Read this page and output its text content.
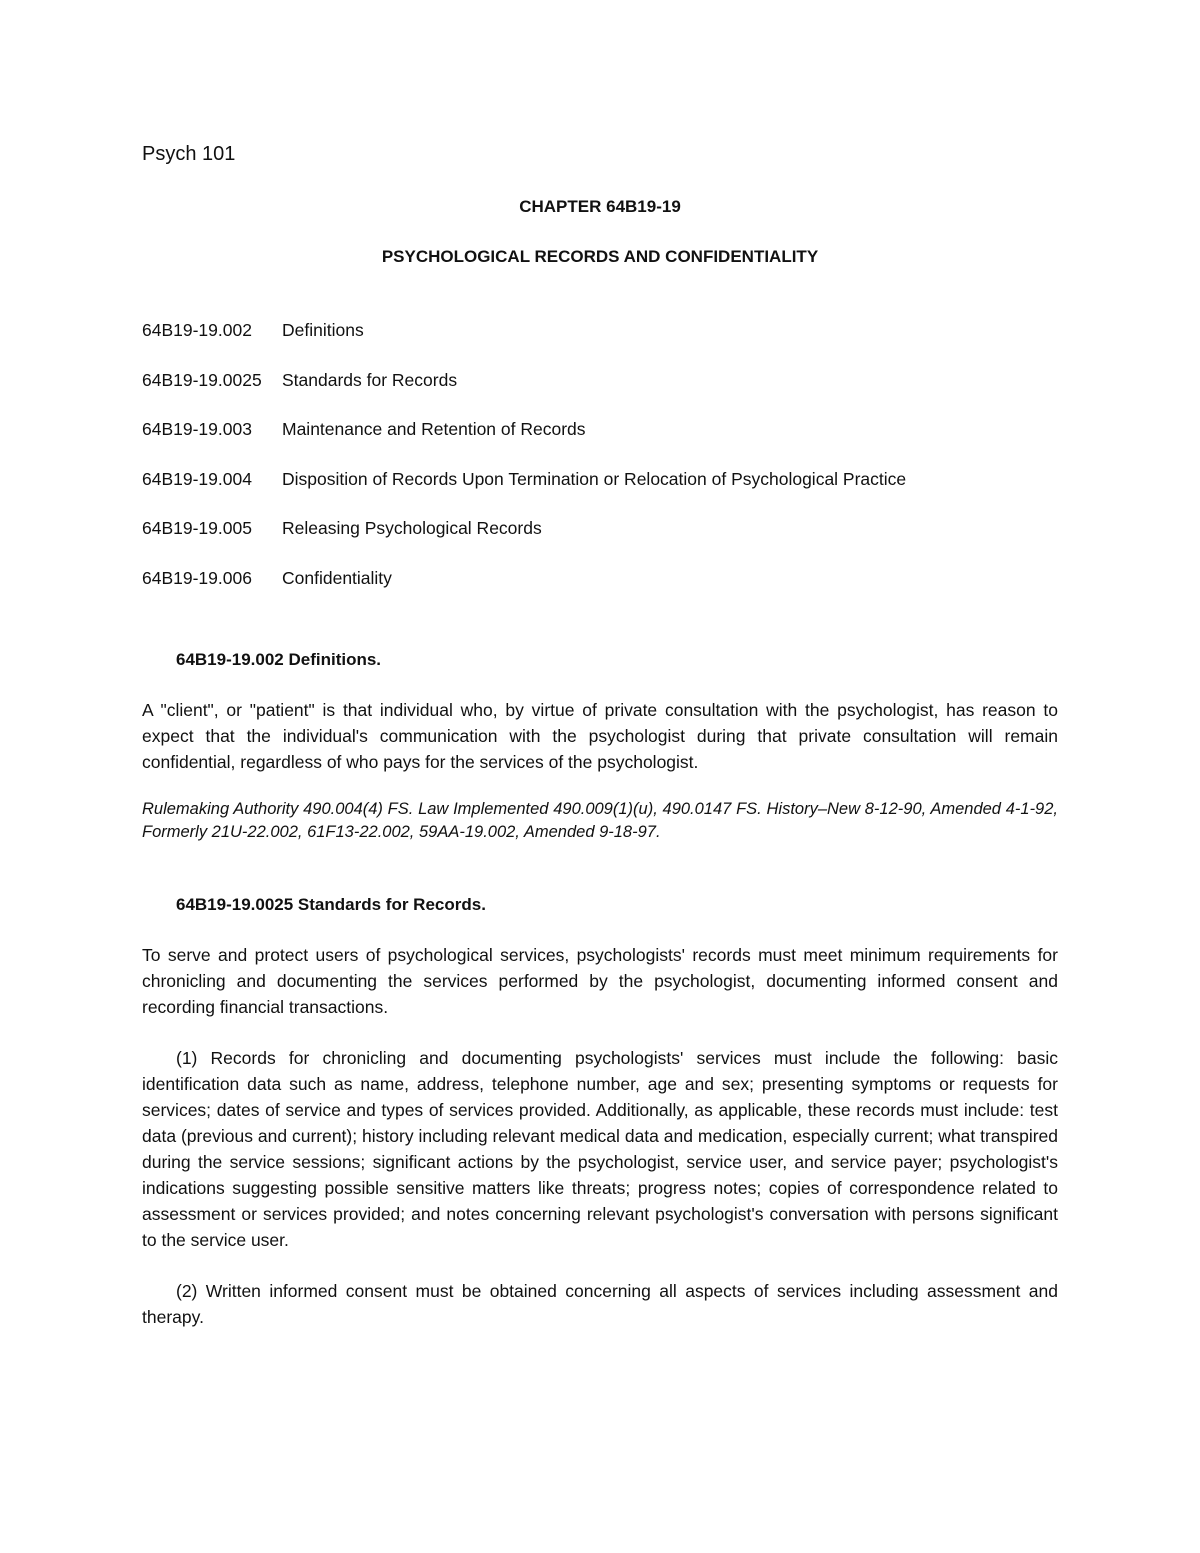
Psych 101

CHAPTER 64B19-19

PSYCHOLOGICAL RECORDS AND CONFIDENTIALITY

64B19-19.002	Definitions
64B19-19.0025	Standards for Records
64B19-19.003	Maintenance and Retention of Records
64B19-19.004	Disposition of Records Upon Termination or Relocation of Psychological Practice
64B19-19.005	Releasing Psychological Records
64B19-19.006	Confidentiality

64B19-19.002 Definitions.

A "client", or "patient" is that individual who, by virtue of private consultation with the psychologist, has reason to expect that the individual's communication with the psychologist during that private consultation will remain confidential, regardless of who pays for the services of the psychologist.

Rulemaking Authority 490.004(4) FS. Law Implemented 490.009(1)(u), 490.0147 FS. History–New 8-12-90, Amended 4-1-92, Formerly 21U-22.002, 61F13-22.002, 59AA-19.002, Amended 9-18-97.

64B19-19.0025 Standards for Records.

To serve and protect users of psychological services, psychologists' records must meet minimum requirements for chronicling and documenting the services performed by the psychologist, documenting informed consent and recording financial transactions.

(1) Records for chronicling and documenting psychologists' services must include the following: basic identification data such as name, address, telephone number, age and sex; presenting symptoms or requests for services; dates of service and types of services provided. Additionally, as applicable, these records must include: test data (previous and current); history including relevant medical data and medication, especially current; what transpired during the service sessions; significant actions by the psychologist, service user, and service payer; psychologist's indications suggesting possible sensitive matters like threats; progress notes; copies of correspondence related to assessment or services provided; and notes concerning relevant psychologist's conversation with persons significant to the service user.

(2) Written informed consent must be obtained concerning all aspects of services including assessment and therapy.
